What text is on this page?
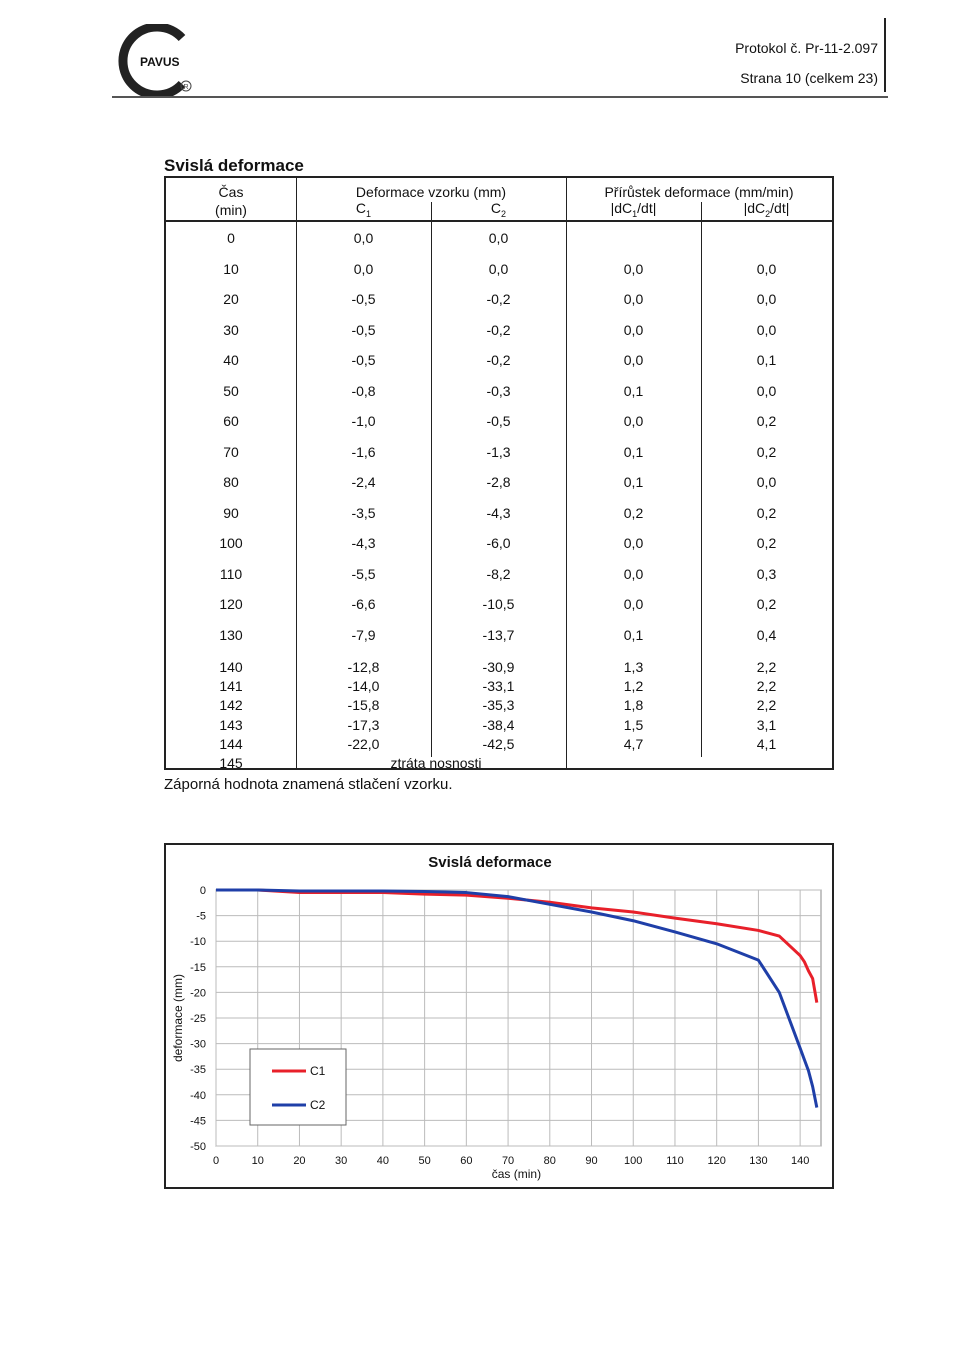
PAVUS
R
Protokol č. Pr-11-2.097
Strana 10 (celkem 23)
Svislá deformace
Čas
(min)
Deformace vzorku (mm)
$C_1$	$C_2$
Přírůstek deformace (mm/min)
$|dC_1/dt|$	$|dC_2/dt|$
0	0,0	0,0
10	0,0	0,0	0,0	0,0
20	-0,5	-0,2	0,0	0,0
30	-0,5	-0,2	0,0	0,0
40	-0,5	-0,2	0,0	0,1
50	-0,8	-0,3	0,1	0,0
60	-1,0	-0,5	0,0	0,2
70	-1,6	-1,3	0,1	0,2
80	-2,4	-2,8	0,1	0,0
90	-3,5	-4,3	0,2	0,2
100	-4,3	-6,0	0,0	0,2
110	-5,5	-8,2	0,0	0,3
120	-6,6	-10,5	0,0	0,2
130	-7,9	-13,7	0,1	0,4
140	-12,8	-30,9	1,3	2,2
141	-14,0	-33,1	1,2	2,2
142	-15,8	-35,3	1,8	2,2
143	-17,3	-38,4	1,5	3,1
144	-22,0	-42,5	4,7	4,1
145	ztráta nosnosti
Záporná hodnota znamená stlačení vzorku.
Svislá deformace
0
-5
-10
-15
-20
-25
-30
-35
-40
-45
-50
0	10	20	30	40	50	60	70	80	90 100 110 120 130 140
čas (min)
deformace (mm)
C1
C2
